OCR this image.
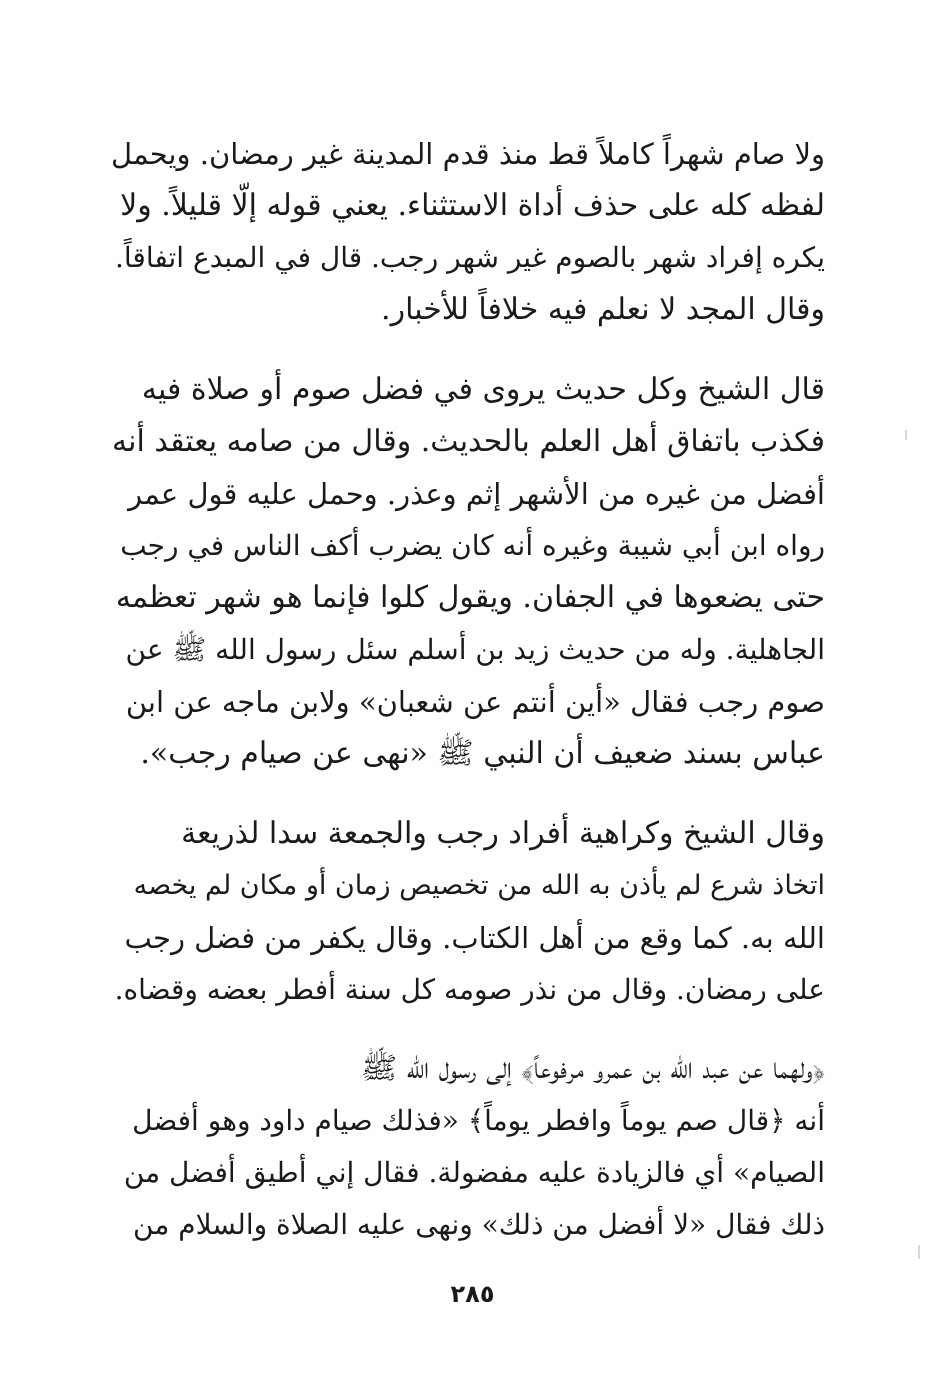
ولا صام شهراً كاملاً قط منذ قدم المدينة غير رمضان. ويحمل
لفظه كله على حذف أداة الاستثناء. يعني قوله إلّا قليلاً. ولا
يكره إفراد شهر بالصوم غير شهر رجب. قال في المبدع اتفاقاً.
وقال المجد لا نعلم فيه خلافاً للأخبار.
قال الشيخ وكل حديث يروى في فضل صوم أو صلاة فيه
فكذب باتفاق أهل العلم بالحديث. وقال من صامه يعتقد أنه
أفضل من غيره من الأشهر إثم وعذر. وحمل عليه قول عمر
رواه ابن أبي شيبة وغيره أنه كان يضرب أكف الناس في رجب
حتى يضعوها في الجفان. ويقول كلوا فإنما هو شهر تعظمه
الجاهلية. وله من حديث زيد بن أسلم سئل رسول الله ﷺ عن
صوم رجب فقال «أين أنتم عن شعبان» ولابن ماجه عن ابن
عباس بسند ضعيف أن النبي ﷺ «نهى عن صيام رجب».
وقال الشيخ وكراهية أفراد رجب والجمعة سدا لذريعة
اتخاذ شرع لم يأذن به الله من تخصيص زمان أو مكان لم يخصه
الله به. كما وقع من أهل الكتاب. وقال يكفر من فضل رجب
على رمضان. وقال من نذر صومه كل سنة أفطر بعضه وقضاه.
﴿ولهما عن عبد الله بن عمرو مرفوعاً﴾ إلى رسول الله ﷺ
أنه ﴿قال صم يوماً وافطر يوماً﴾ «فذلك صيام داود وهو أفضل
الصيام» أي فالزيادة عليه مفضولة. فقال إني أطيق أفضل من
ذلك فقال «لا أفضل من ذلك» ونهى عليه الصلاة والسلام من
٢٨٥
